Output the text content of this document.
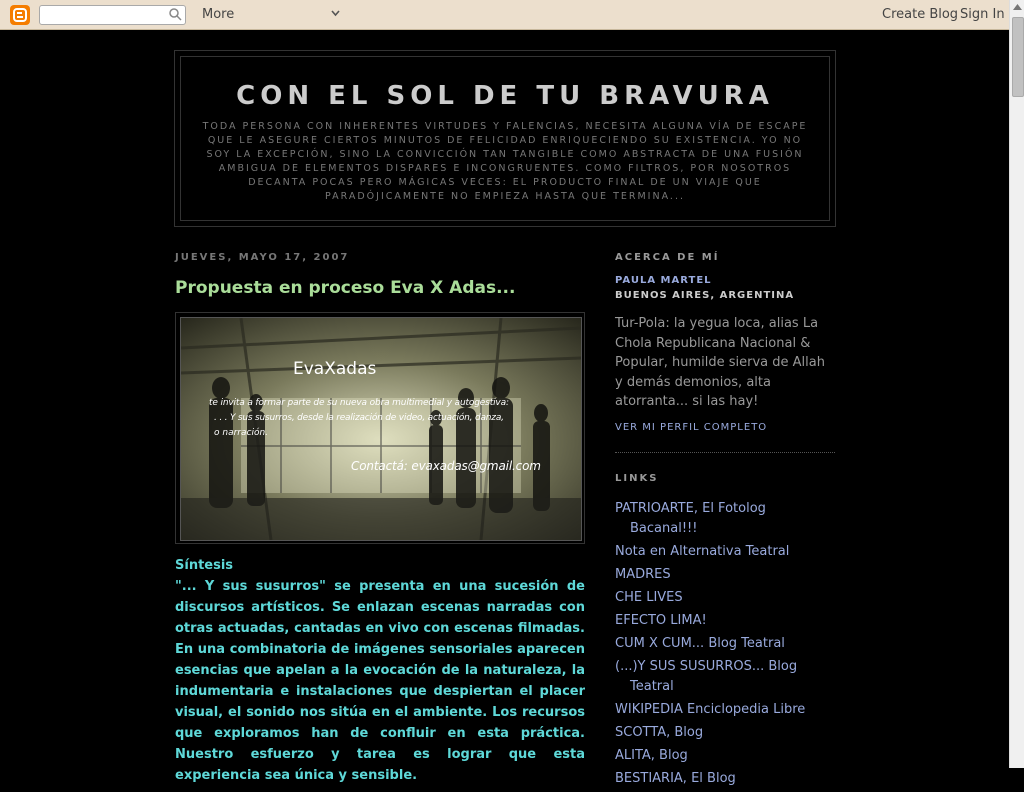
More	Create Blog Sign In
CON EL SOL DE TU BRAVURA
TODA PERSONA CON INHERENTES VIRTUDES Y FALENCIAS, NECESITA ALGUNA VÍA DE ESCAPE QUE LE ASEGURE CIERTOS MINUTOS DE FELICIDAD ENRIQUECIENDO SU EXISTENCIA. YO NO SOY LA EXCEPCIÓN, SINO LA CONVICCIÓN TAN TANGIBLE COMO ABSTRACTA DE UNA FUSIÓN AMBIGUA DE ELEMENTOS DISPARES E INCONGRUENTES. COMO FILTROS, POR NOSOTROS DECANTA POCAS PERO MÁGICAS VECES: EL PRODUCTO FINAL DE UN VIAJE QUE PARADÓJICAMENTE NO EMPIEZA HASTA QUE TERMINA...
JUEVES, MAYO 17, 2007
Propuesta en proceso Eva X Adas...
EvaXadas
te invita a formar parte de su nueva obra multimedial y autogestiva:
. . . Y sus susurros, desde la realización de video, actuación, danza,
o narración.
Contactá: evaxadas@gmail.com
Síntesis
"... Y sus susurros" se presenta en una sucesión de discursos artísticos. Se enlazan escenas narradas con otras actuadas, cantadas en vivo con escenas filmadas. En una combinatoria de imágenes sensoriales aparecen esencias que apelan a la evocación de la naturaleza, la indumentaria e instalaciones que despiertan el placer visual, el sonido nos sitúa en el ambiente. Los recursos que exploramos han de confluir en esta práctica. Nuestro esfuerzo y tarea es lograr que esta experiencia sea única y sensible.
ACERCA DE MÍ
PAULA MARTEL
BUENOS AIRES, ARGENTINA
Tur-Pola: la yegua loca, alias La Chola Republicana Nacional & Popular, humilde sierva de Allah y demás demonios, alta atorranta... si las hay!
VER MI PERFIL COMPLETO
LINKS
PATRIOARTE, El Fotolog Bacanal!!!
Nota en Alternativa Teatral
MADRES
CHE LIVES
EFECTO LIMA!
CUM X CUM... Blog Teatral
(...)Y SUS SUSURROS... Blog Teatral
WIKIPEDIA Enciclopedia Libre
SCOTTA, Blog
ALITA, Blog
BESTIARIA, El Blog
